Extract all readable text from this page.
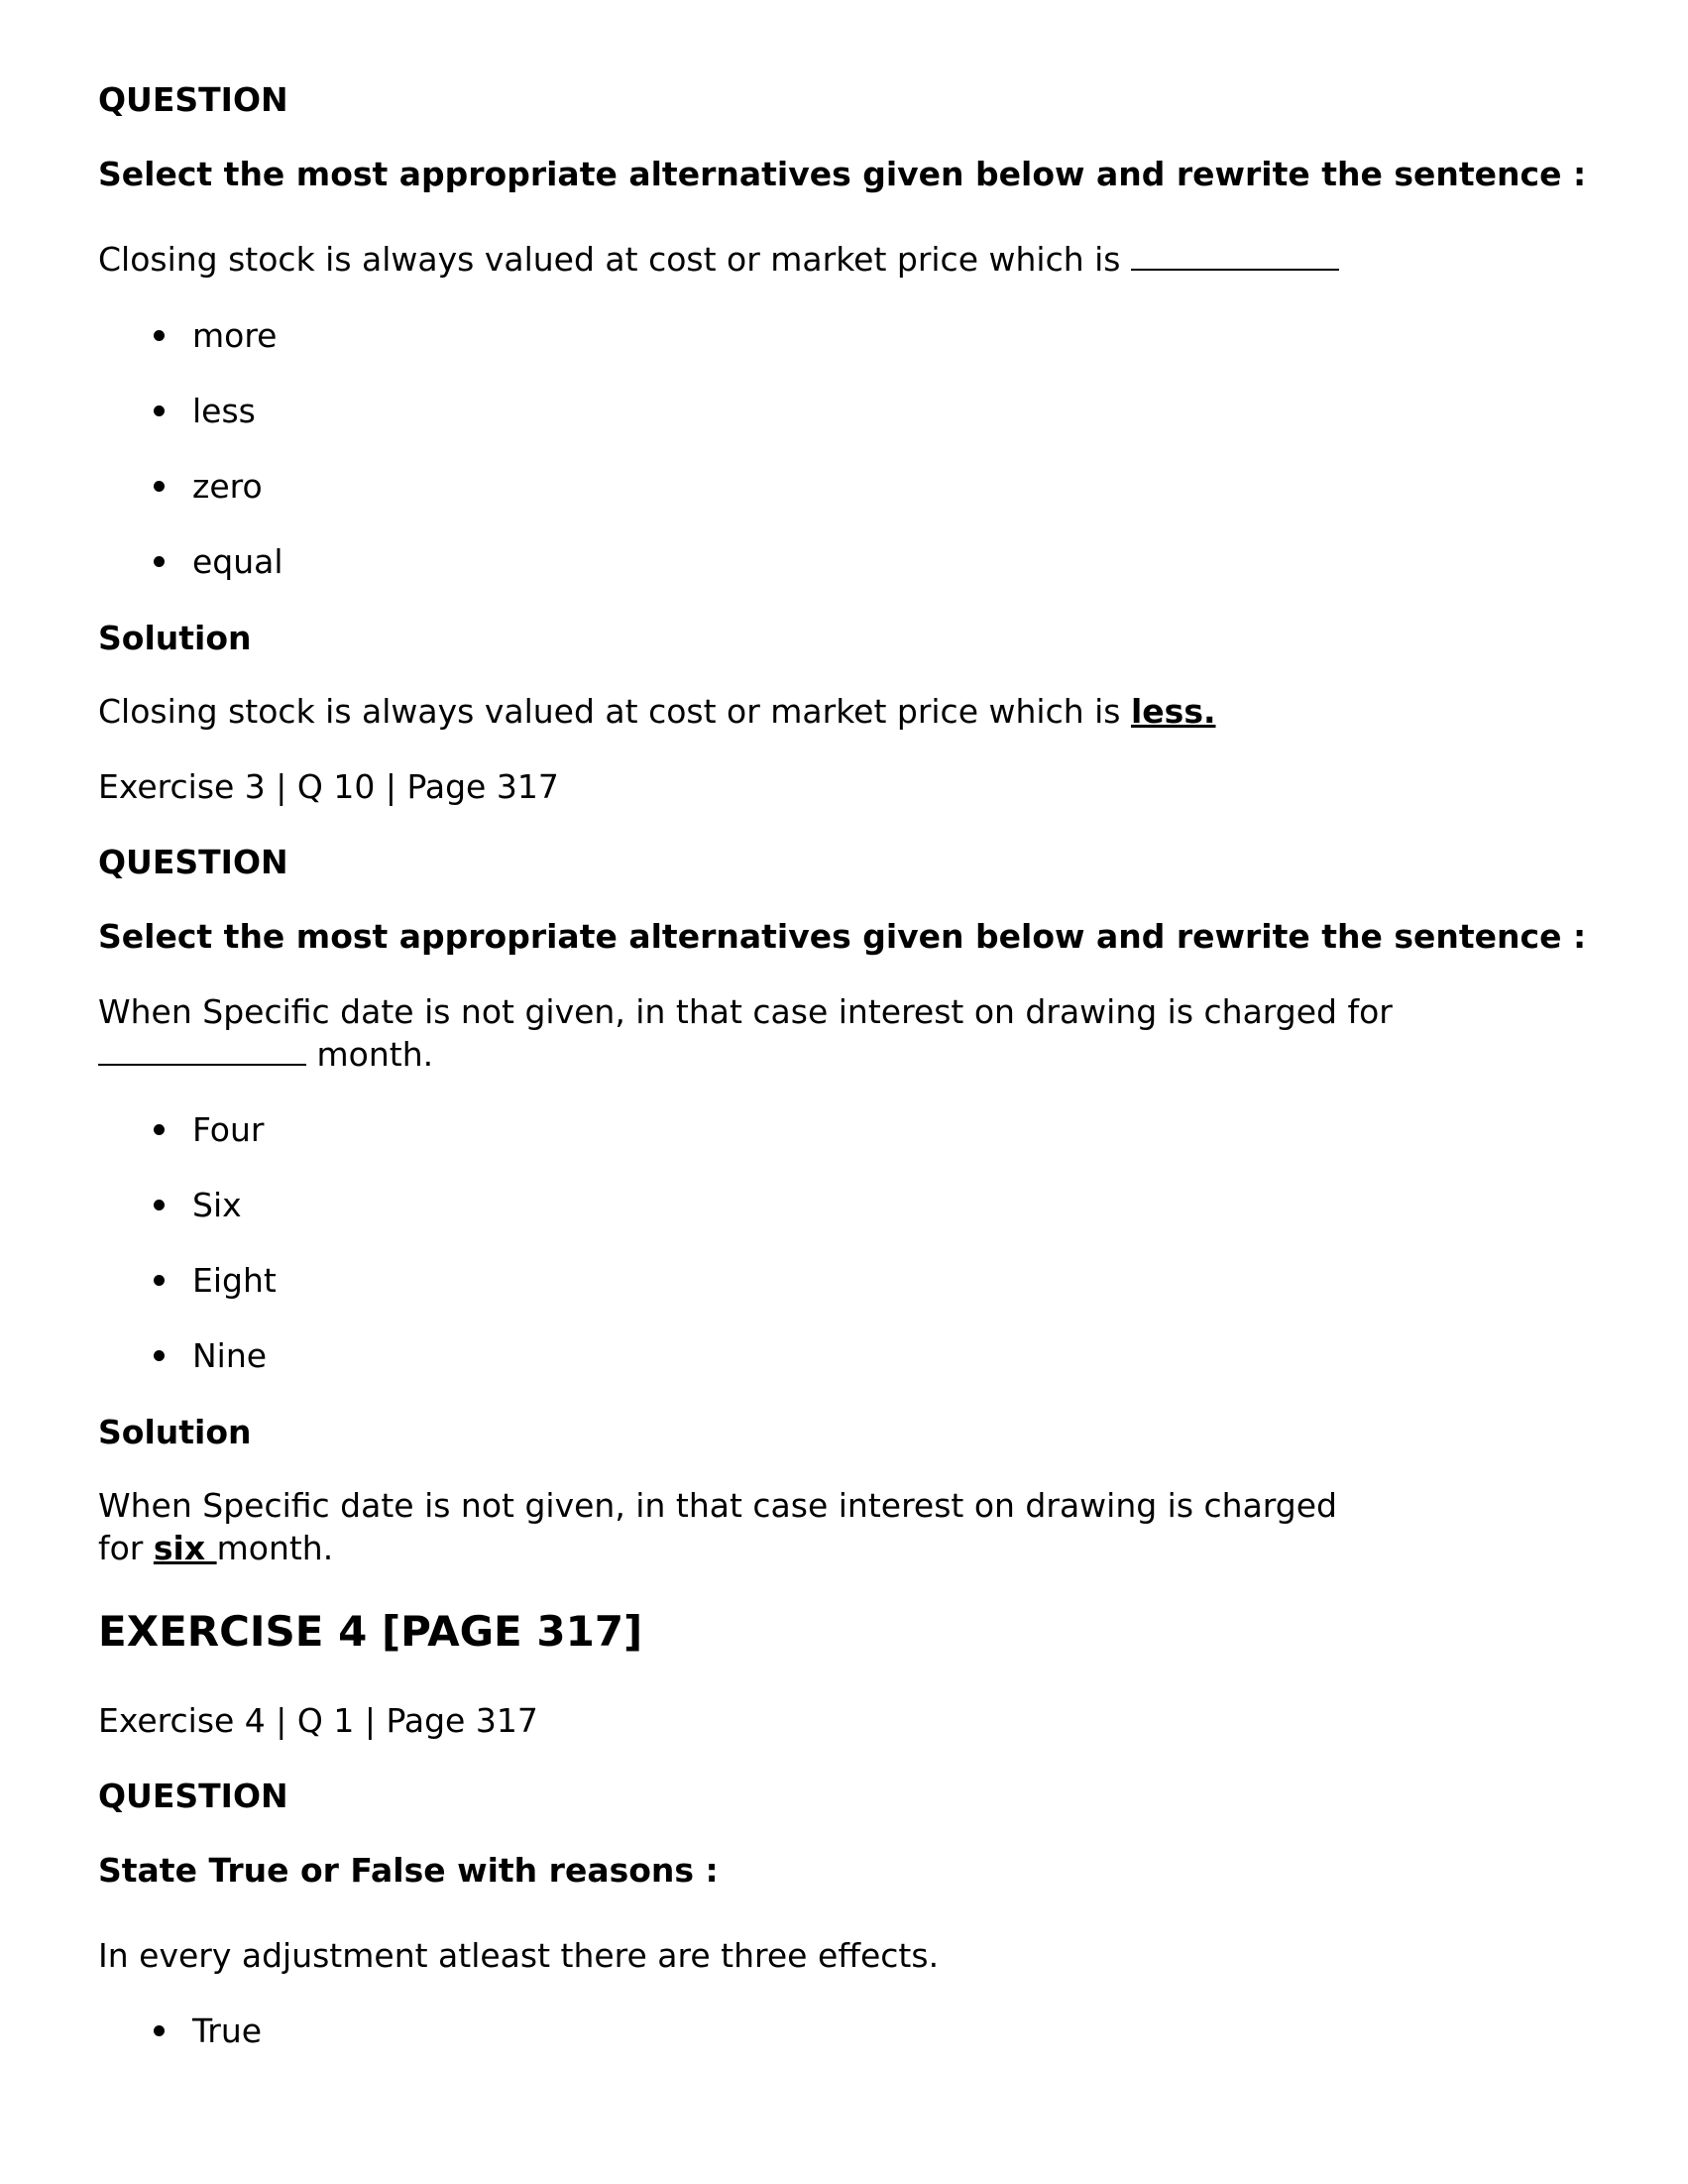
QUESTION
Select the most appropriate alternatives given below and rewrite the sentence :
Closing stock is always valued at cost or market price which is
more
less
zero
equal
Solution
Closing stock is always valued at cost or market price which is less.
Exercise 3 | Q 10 | Page 317
QUESTION
Select the most appropriate alternatives given below and rewrite the sentence :
When Specific date is not given, in that case interest on drawing is charged for
month.
Four
Six
Eight
Nine
Solution
When Specific date is not given, in that case interest on drawing is charged
for six month.
EXERCISE 4 [PAGE 317]
Exercise 4 | Q 1 | Page 317
QUESTION
State True or False with reasons :
In every adjustment atleast there are three effects.
True
